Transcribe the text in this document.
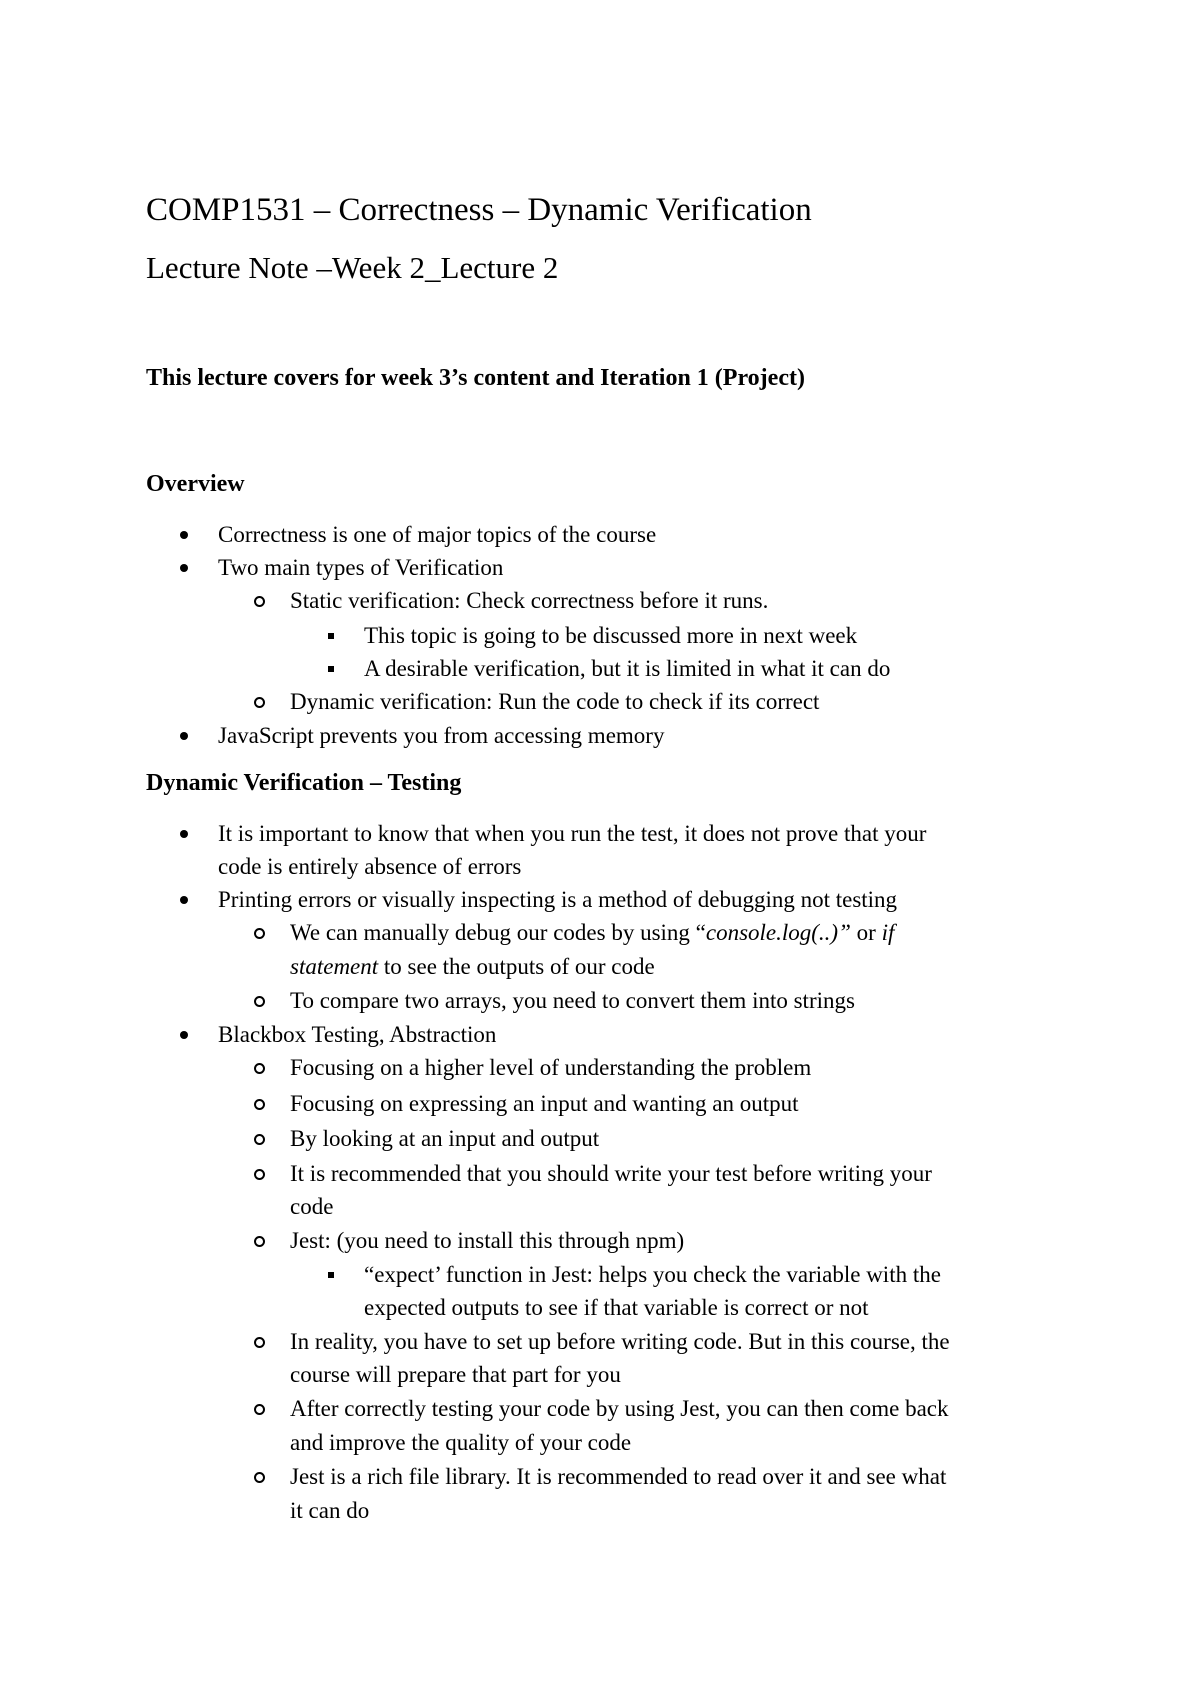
COMP1531 – Correctness – Dynamic Verification
Lecture Note –Week 2_Lecture 2
This lecture covers for week 3’s content and Iteration 1 (Project)
Overview
Correctness is one of major topics of the course
Two main types of Verification
Static verification: Check correctness before it runs.
This topic is going to be discussed more in next week
A desirable verification, but it is limited in what it can do
Dynamic verification: Run the code to check if its correct
JavaScript prevents you from accessing memory
Dynamic Verification – Testing
It is important to know that when you run the test, it does not prove that your
code is entirely absence of errors
Printing errors or visually inspecting is a method of debugging not testing
We can manually debug our codes by using “console.log(..)” or if
statement to see the outputs of our code
To compare two arrays, you need to convert them into strings
Blackbox Testing, Abstraction
Focusing on a higher level of understanding the problem
Focusing on expressing an input and wanting an output
By looking at an input and output
It is recommended that you should write your test before writing your
code
Jest: (you need to install this through npm)
“expect’ function in Jest: helps you check the variable with the
expected outputs to see if that variable is correct or not
In reality, you have to set up before writing code. But in this course, the
course will prepare that part for you
After correctly testing your code by using Jest, you can then come back
and improve the quality of your code
Jest is a rich file library. It is recommended to read over it and see what
it can do
